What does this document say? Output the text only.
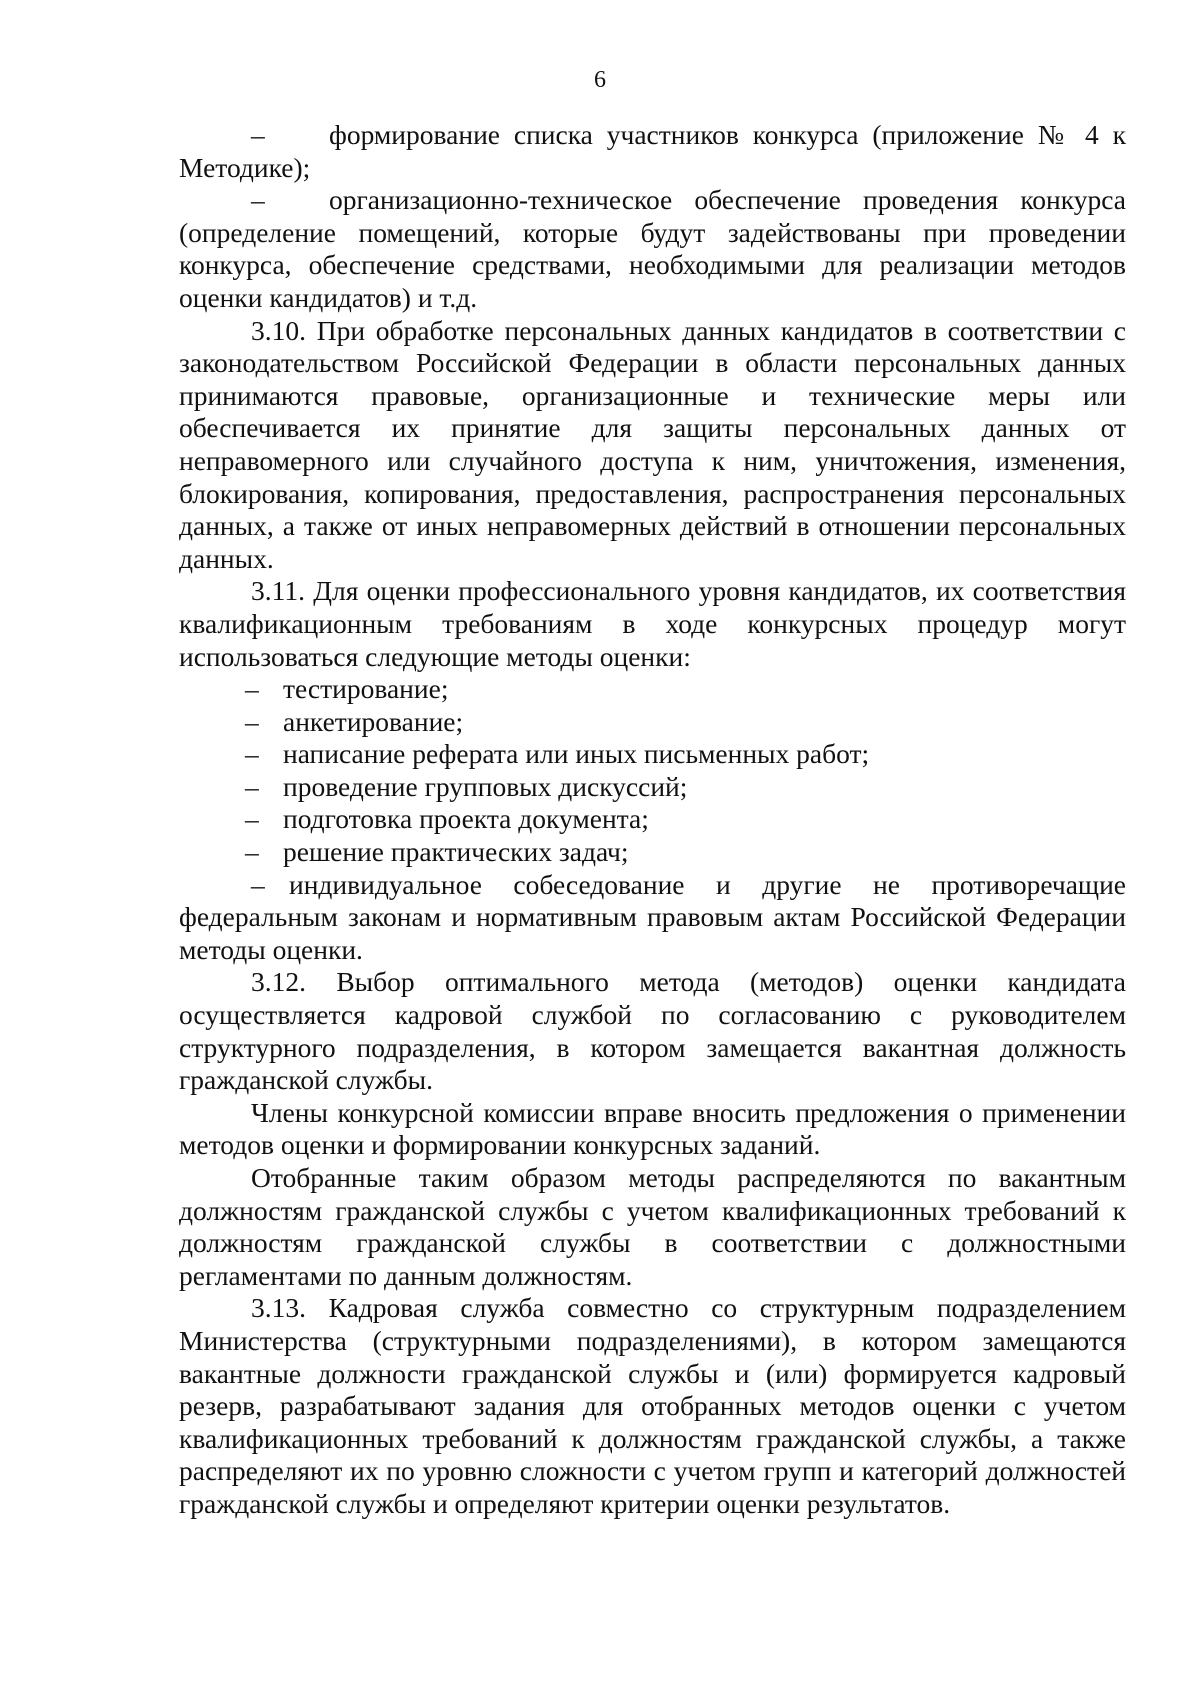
6

– формирование списка участников конкурса (приложение № 4 к Методике);

– организационно-техническое обеспечение проведения конкурса (определение помещений, которые будут задействованы при проведении конкурса, обеспечение средствами, необходимыми для реализации методов оценки кандидатов) и т.д.

3.10. При обработке персональных данных кандидатов в соответствии с законодательством Российской Федерации в области персональных данных принимаются правовые, организационные и технические меры или обеспечивается их принятие для защиты персональных данных от неправомерного или случайного доступа к ним, уничтожения, изменения, блокирования, копирования, предоставления, распространения персональных данных, а также от иных неправомерных действий в отношении персональных данных.

3.11. Для оценки профессионального уровня кандидатов, их соответствия квалификационным требованиям в ходе конкурсных процедур могут использоваться следующие методы оценки:

– тестирование;

– анкетирование;

– написание реферата или иных письменных работ;

– проведение групповых дискуссий;

– подготовка проекта документа;

– решение практических задач;

– индивидуальное собеседование и другие не противоречащие федеральным законам и нормативным правовым актам Российской Федерации методы оценки.

3.12. Выбор оптимального метода (методов) оценки кандидата осуществляется кадровой службой по согласованию с руководителем структурного подразделения, в котором замещается вакантная должность гражданской службы.

Члены конкурсной комиссии вправе вносить предложения о применении методов оценки и формировании конкурсных заданий.

Отобранные таким образом методы распределяются по вакантным должностям гражданской службы с учетом квалификационных требований к должностям гражданской службы в соответствии с должностными регламентами по данным должностям.

3.13. Кадровая служба совместно со структурным подразделением Министерства (структурными подразделениями), в котором замещаются вакантные должности гражданской службы и (или) формируется кадровый резерв, разрабатывают задания для отобранных методов оценки с учетом квалификационных требований к должностям гражданской службы, а также распределяют их по уровню сложности с учетом групп и категорий должностей гражданской службы и определяют критерии оценки результатов.
